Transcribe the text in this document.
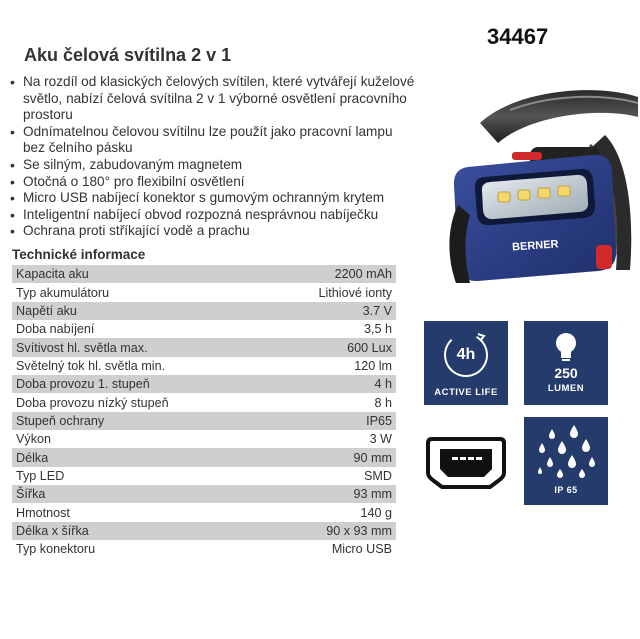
34467
Aku čelová svítilna 2 v 1
• Na rozdíl od klasických čelových svítilen, které vytvářejí kuželové světlo, nabízí čelová svítilna 2 v 1 výborné osvětlení pracovního prostoru
• Odnímatelnou čelovou svítilnu lze použít jako pracovní lampu bez čelního pásku
• Se silným, zabudovaným magnetem
• Otočná o 180° pro flexibilní osvětlení
• Micro USB nabíjecí konektor s gumovým ochranným krytem
• Inteligentní nabíjecí obvod rozpozná nesprávnou nabíječku
• Ochrana proti stříkající vodě a prachu
Technické informace
Kapacita aku	2200 mAh
Typ akumulátoru	Lithiové ionty
Napětí aku	3.7 V
Doba nabíjení	3,5 h
Svítivost hl. světla max.	600 Lux
Světelný tok hl. světla min.	120 lm
Doba provozu 1. stupeň	4 h
Doba provozu nízký stupeň	8 h
Stupeň ochrany	IP65
Výkon	3 W
Délka	90 mm
Typ LED	SMD
Šířka	93 mm
Hmotnost	140 g
Délka x šířka	90 x 93 mm
Typ konektoru	Micro USB
BERNER
4h
ACTIVE LIFE
250
LUMEN
IP 65
